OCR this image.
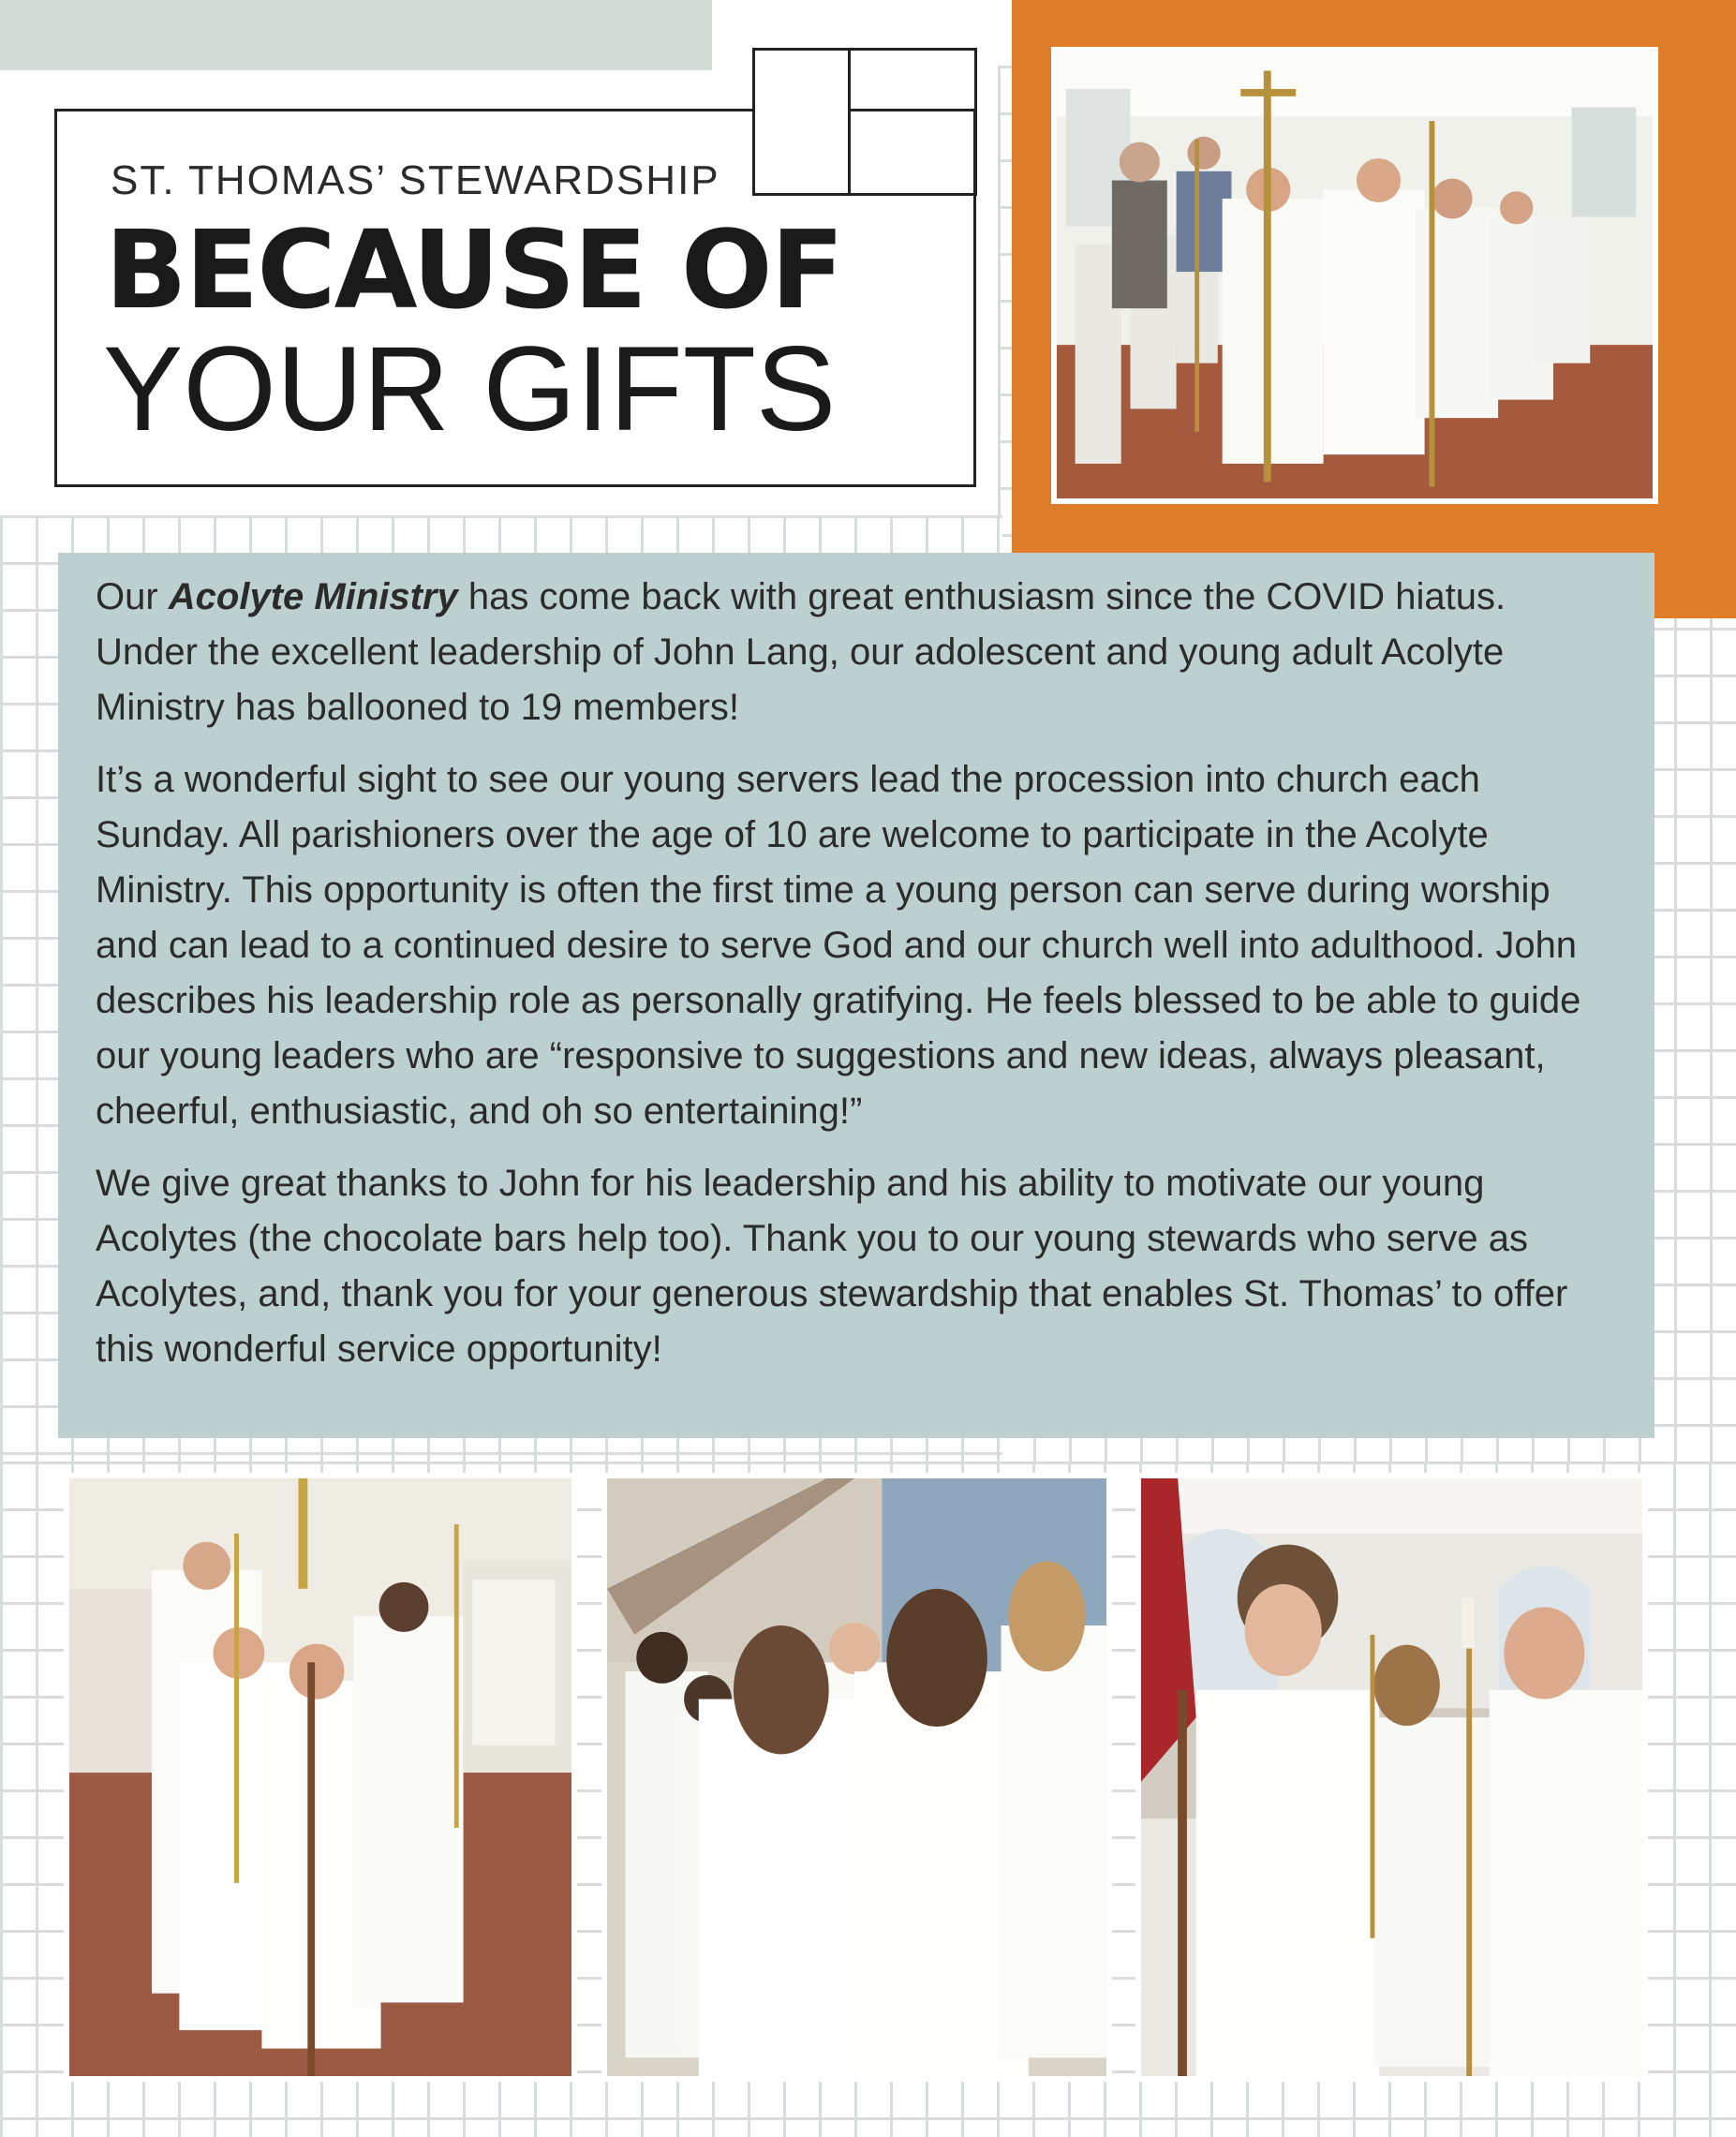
ST. THOMAS’ STEWARDSHIP
BECAUSE OF
YOUR GIFTS

Our Acolyte Ministry has come back with great enthusiasm since the COVID hiatus. Under the excellent leadership of John Lang, our adolescent and young adult Acolyte Ministry has ballooned to 19 members!

It’s a wonderful sight to see our young servers lead the procession into church each Sunday. All parishioners over the age of 10 are welcome to participate in the Acolyte Ministry. This opportunity is often the first time a young person can serve during worship and can lead to a continued desire to serve God and our church well into adulthood. John describes his leadership role as personally gratifying. He feels blessed to be able to guide our young leaders who are “responsive to suggestions and new ideas, always pleasant, cheerful, enthusiastic, and oh so entertaining!”

We give great thanks to John for his leadership and his ability to motivate our young Acolytes (the chocolate bars help too). Thank you to our young stewards who serve as Acolytes, and, thank you for your generous stewardship that enables St. Thomas’ to offer this wonderful service opportunity!
